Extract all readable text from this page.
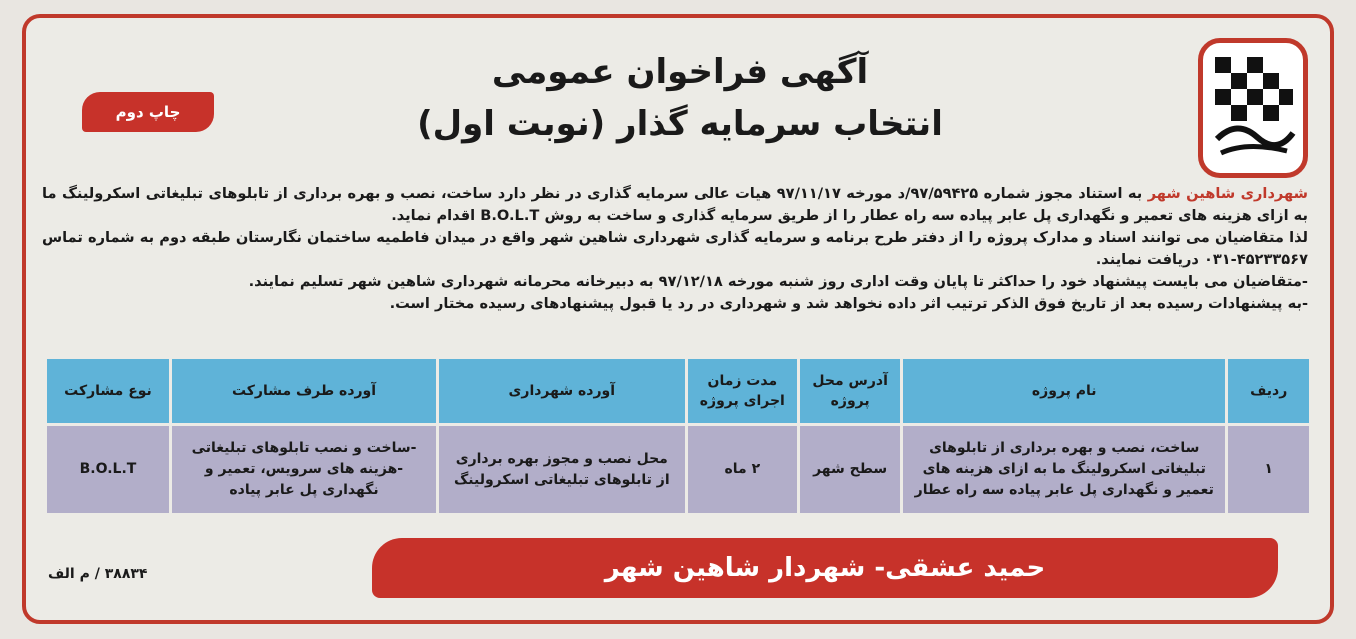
چاپ دوم
آگهی فراخوان عمومی
انتخاب سرمایه گذار (نوبت اول)

شهرداری شاهین شهر به استناد مجوز شماره ۹۷/۵۹۴۲۵/د مورخه ۹۷/۱۱/۱۷ هیات عالی سرمایه گذاری در نظر دارد ساخت، نصب و بهره برداری از تابلوهای تبلیغاتی اسکرولینگ ما به ازای هزینه های تعمیر و نگهداری پل عابر پیاده سه راه عطار را از طریق سرمایه گذاری و ساخت به روش B.O.L.T اقدام نماید.

لذا متقاضیان می توانند اسناد و مدارک پروژه را از دفتر طرح برنامه و سرمایه گذاری شهرداری شاهین شهر واقع در میدان فاطمیه ساختمان نگارستان طبقه دوم به شماره تماس ۴۵۲۳۳۵۶۷-۰۳۱ دریافت نمایند.

-متقاضیان می بایست پیشنهاد خود را حداکثر تا پایان وقت اداری روز شنبه مورخه ۹۷/۱۲/۱۸ به دبیرخانه محرمانه شهرداری شاهین شهر تسلیم نمایند.

-به پیشنهادات رسیده بعد از تاریخ فوق الذکر ترتیب اثر داده نخواهد شد و شهرداری در رد یا قبول پیشنهادهای رسیده مختار است.

ردیف	نام پروژه	آدرس محل پروژه	مدت زمان اجرای پروژه	آورده شهرداری	آورده طرف مشارکت	نوع مشارکت
۱	ساخت، نصب و بهره برداری از تابلوهای تبلیغاتی اسکرولینگ ما به ازای هزینه های تعمیر و نگهداری پل عابر پیاده سه راه عطار	سطح شهر	۲ ماه	محل نصب و مجوز بهره برداری از تابلوهای تبلیغاتی اسکرولینگ	-ساخت و نصب تابلوهای تبلیغاتی -هزینه های سرویس، تعمیر و نگهداری پل عابر پیاده	B.O.L.T
حمید عشقی- شهردار شاهین شهر
۳۸۸۳۴ / م الف
